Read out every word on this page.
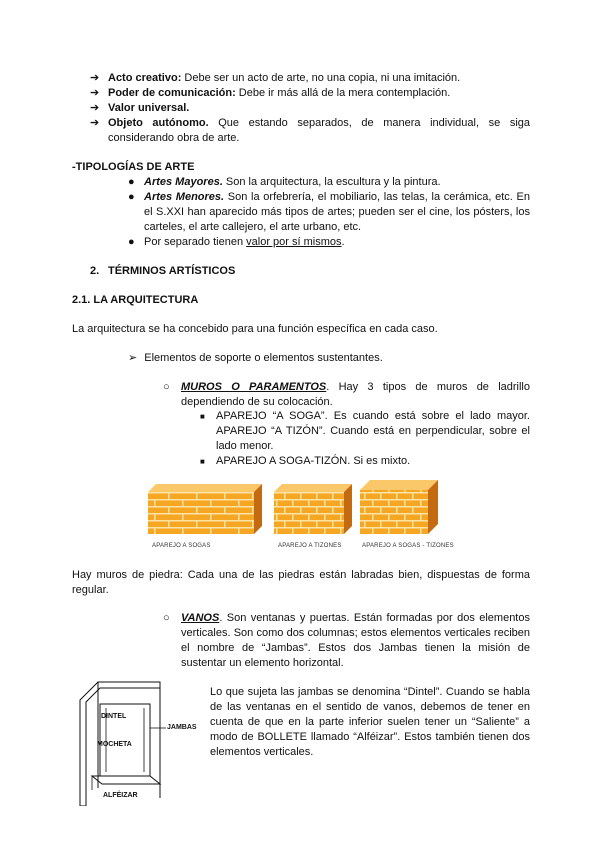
➔ Acto creativo: Debe ser un acto de arte, no una copia, ni una imitación.
➔ Poder de comunicación: Debe ir más allá de la mera contemplación.
➔ Valor universal.
➔ Objeto autónomo. Que estando separados, de manera individual, se siga considerando obra de arte.
-TIPOLOGÍAS DE ARTE
● Artes Mayores. Son la arquitectura, la escultura y la pintura.
● Artes Menores. Son la orfebrería, el mobiliario, las telas, la cerámica, etc. En el S.XXI han aparecido más tipos de artes; pueden ser el cine, los pósters, los carteles, el arte callejero, el arte urbano, etc.
● Por separado tienen valor por sí mismos.
2. TÉRMINOS ARTÍSTICOS
2.1. LA ARQUITECTURA
La arquitectura se ha concebido para una función específica en cada caso.
➢ Elementos de soporte o elementos sustentantes.
○ MUROS O PARAMENTOS. Hay 3 tipos de muros de ladrillo dependiendo de su colocación.
■ APAREJO “A SOGA”. Es cuando está sobre el lado mayor. APAREJO “A TIZÓN”. Cuando está en perpendicular, sobre el lado menor.
■ APAREJO A SOGA-TIZÓN. Si es mixto.
APAREJO A SOGAS	APAREJO A TIZONES	APAREJO A SOGAS - TIZONES
Hay muros de piedra: Cada una de las piedras están labradas bien, dispuestas de forma regular.
○ VANOS. Son ventanas y puertas. Están formadas por dos elementos verticales. Son como dos columnas; estos elementos verticales reciben el nombre de “Jambas”. Estos dos Jambas tienen la misión de sustentar un elemento horizontal.
DINTEL
JAMBAS
MOCHETA
ALFÉIZAR
Lo que sujeta las jambas se denomina “Dintel”. Cuando se habla de las ventanas en el sentido de vanos, debemos de tener en cuenta de que en la parte inferior suelen tener un “Saliente” a modo de BOLLETE llamado “Alféizar”. Estos también tienen dos elementos verticales.
